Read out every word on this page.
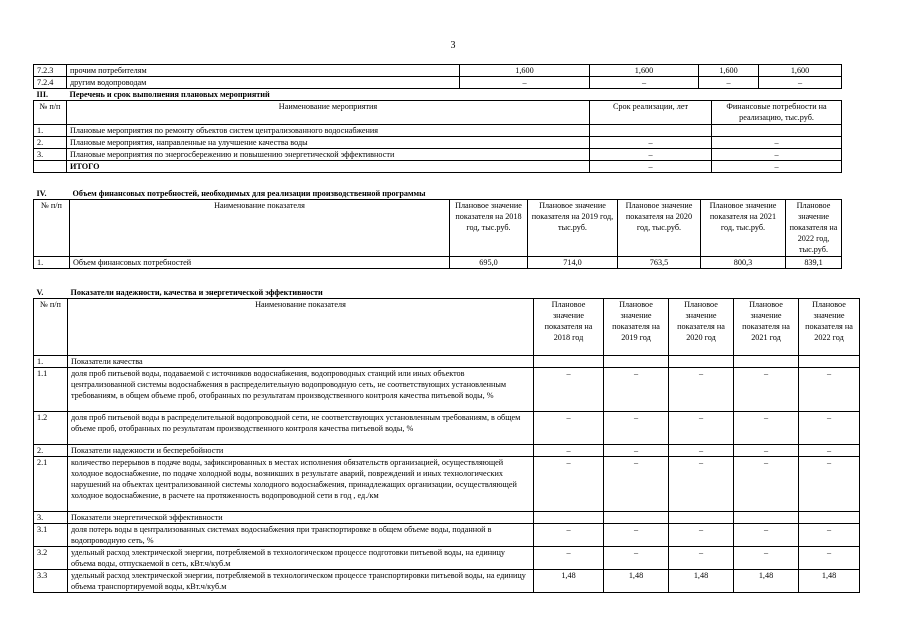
3
7.2.3	прочим потребителям	1,600	1,600	1,600		1,600
7.2.4	другим водопроводам	–	–	–		–
III.	Перечень и срок выполнения плановых мероприятий					
№ п/п	Наименование мероприятия		Срок реализации, лет		Финансовые потребности на реализацию, тыс.руб.	
1.	Плановые мероприятия по ремонту объектов систем централизованного водоснабжения					
2.	Плановые мероприятия, направленные на улучшение качества воды		–		–	
3.	Плановые мероприятия по энергосбережению и повышению энергетической эффективности		–		–	
	ИТОГО		–		–	
IV.	Объем финансовых потребностей, необходимых для реализации производственной программы					
№ п/п	Наименование показателя	Плановое значение показателя на 2018 год, тыс.руб.	Плановое значение показателя на 2019 год, тыс.руб.	Плановое значение показателя на 2020 год, тыс.руб.	Плановое значение показателя на 2021 год, тыс.руб.	Плановое значение показателя на 2022 год, тыс.руб.
1.	Объем финансовых потребностей	695,0	714,0	763,5	800,3	839,1
V.	Показатели надежности, качества и энергетической эффективности					
№ п/п	Наименование показателя	Плановое значение показателя на 2018 год	Плановое значение показателя на 2019 год	Плановое значение показателя на 2020 год	Плановое значение показателя на 2021 год	Плановое значение показателя на 2022 год
1.	Показатели качества					
1.1	доля проб питьевой воды, подаваемой с источников водоснабжения, водопроводных станций или иных объектов централизованной системы водоснабжения в распределительную водопроводную сеть, не соответствующих установленным требованиям, в общем объеме проб, отобранных по результатам производственного контроля качества питьевой воды, %	–	–	–	–	–
1.2	доля проб питьевой воды в распределительной водопроводной сети, не соответствующих установленным требованиям, в общем объеме проб, отобранных по результатам производственного контроля качества питьевой воды, %	–	–	–	–	–
2.	Показатели надежности и бесперебойности	–	–	–	–	–
2.1	количество перерывов в подаче воды, зафиксированных в местах исполнения обязательств организацией, осуществляющей холодное водоснабжение, по подаче холодной воды, возникших в результате аварий, повреждений и иных технологических нарушений на объектах централизованной системы холодного водоснабжения, принадлежащих организации, осуществляющей холодное водоснабжение, в расчете на протяженность водопроводной сети в год , ед./км	–	–	–	–	–
3.	Показатели энергетической эффективности					
3.1	доля потерь воды в централизованных системах водоснабжения при транспортировке в общем объеме воды, поданной в водопроводную сеть, %	–	–	–	–	–
3.2	удельный расход электрической энергии, потребляемой в технологическом процессе подготовки питьевой воды, на единицу объема воды, отпускаемой в сеть, кВт.ч/куб.м	–	–	–	–	–
3.3	удельный расход электрической энергии, потребляемой в технологическом процессе транспортировки питьевой воды, на единицу объема транспортируемой воды, кВт.ч/куб.м	1,48	1,48	1,48	1,48	1,48
